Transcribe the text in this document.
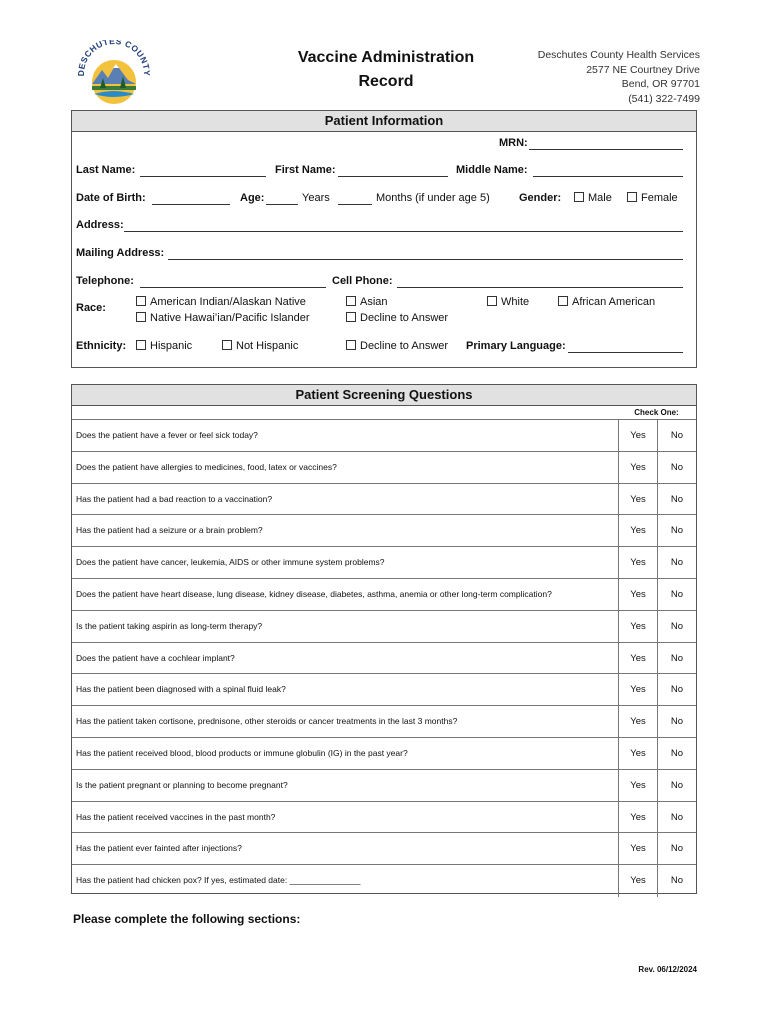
SCHUTES COUN	Vaccine Administration
Record
Deschutes County Health Services
2577 NE Courtney Drive
Bend, OR 97701
(541) 322-7499
Patient Information
MRN:
Last Name:	First Name:	Middle Name:
Date of Birth:	Age:	Years	Months (if under age 5)	Gender:	Male	Female
Address:
Mailing Address:
Telephone:	Cell Phone:
Race:	American Indian/Alaskan Native	Asian	White	African American
Native Hawai’ian/Pacific Islander	Decline to Answer
Ethnicity:	Hispanic	Not Hispanic	Decline to Answer Primary Language:
Patient Screening Questions
Check One:
Does the patient have a fever or feel sick today?	Yes	No
Does the patient have allergies to medicines, food, latex or vaccines?	Yes	No
Has the patient had a bad reaction to a vaccination?	Yes	No
Has the patient had a seizure or a brain problem?	Yes	No
Does the patient have cancer, leukemia, AIDS or other immune system problems?	Yes	No
Does the patient have heart disease, lung disease, kidney disease, diabetes, asthma, anemia or other long-term complication?	Yes	No
Is the patient taking aspirin as long-term therapy?	Yes	No
Does the patient have a cochlear implant?	Yes	No
Has the patient been diagnosed with a spinal fluid leak?	Yes	No
Has the patient taken cortisone, prednisone, other steroids or cancer treatments in the last 3 months?	Yes	No
Has the patient received blood, blood products or immune globulin (IG) in the past year?	Yes	No
Is the patient pregnant or planning to become pregnant?	Yes	No
Has the patient received vaccines in the past month?	Yes	No
Has the patient ever fainted after injections?	Yes	No
Has the patient had chicken pox? If yes, estimated date: _______________	Yes	No
Please complete the following sections:
Rev. 06/12/2024
